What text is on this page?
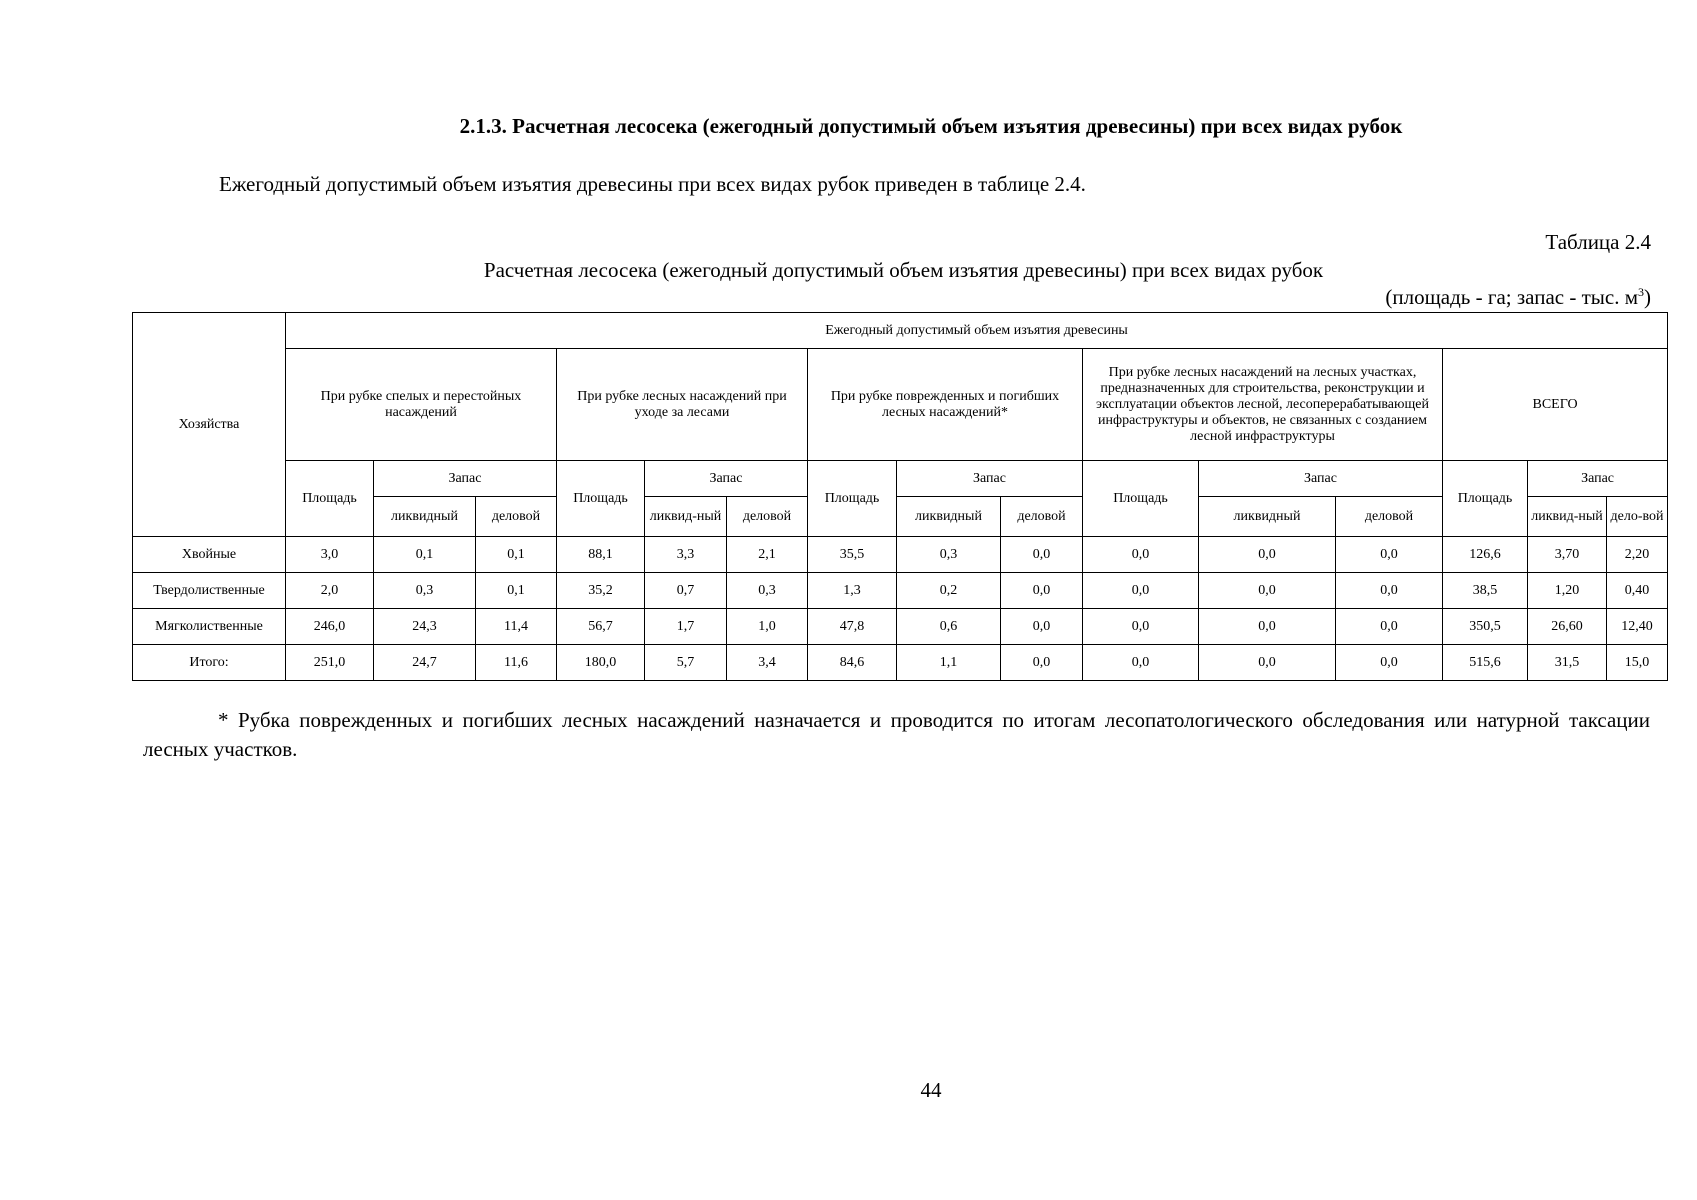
2.1.3. Расчетная лесосека (ежегодный допустимый объем изъятия древесины) при всех видах рубок
Ежегодный допустимый объем изъятия древесины при всех видах рубок приведен в таблице 2.4.
Таблица 2.4
Расчетная лесосека (ежегодный допустимый объем изъятия древесины) при всех видах рубок
(площадь - га; запас - тыс. $м^3$)
Хозяйства	Ежегодный допустимый объем изъятия древесины														
	При рубке спелых и перестойных насаждений			При рубке лесных насаждений при уходе за лесами			При рубке поврежденных и погибших лесных насаждений*			При рубке лесных насаждений на лесных участках, предназначенных для строительства, реконструкции и эксплуатации объектов лесной, лесоперерабатывающей инфраструктуры и объектов, не связанных с созданием лесной инфраструктуры			ВСЕГО		
	Площадь	Запас		Площадь	Запас		Площадь	Запас		Площадь	Запас		Площадь	Запас	
		ликвидный	деловой		ликвид-ный	деловой		ликвидный	деловой		ликвидный	деловой		ликвид-ный	дело-вой
Хвойные	3,0	0,1	0,1	88,1	3,3	2,1	35,5	0,3	0,0	0,0	0,0	0,0	126,6	3,70	2,20
Твердолиственные	2,0	0,3	0,1	35,2	0,7	0,3	1,3	0,2	0,0	0,0	0,0	0,0	38,5	1,20	0,40
Мягколиственные	246,0	24,3	11,4	56,7	1,7	1,0	47,8	0,6	0,0	0,0	0,0	0,0	350,5	26,60	12,40
Итого:	251,0	24,7	11,6	180,0	5,7	3,4	84,6	1,1	0,0	0,0	0,0	0,0	515,6	31,5	15,0
* Рубка поврежденных и погибших лесных насаждений назначается и проводится по итогам лесопатологического обследования или натурной таксации лесных участков.
44
